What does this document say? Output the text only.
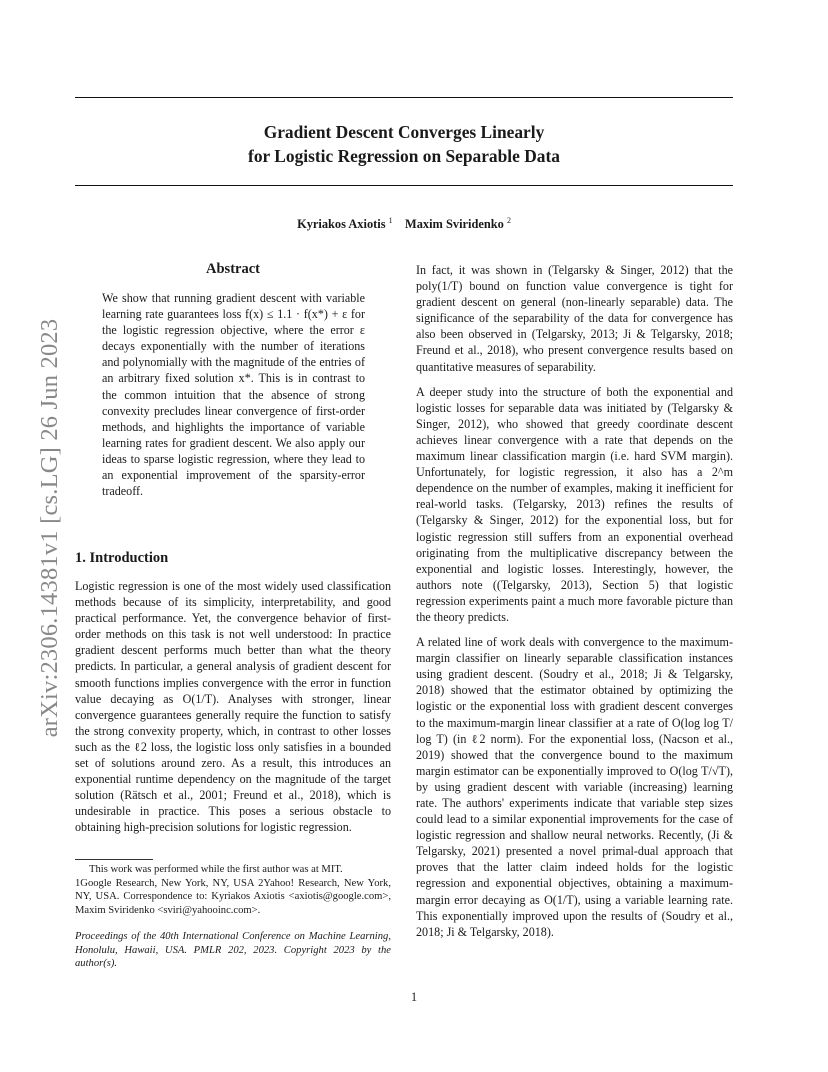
Gradient Descent Converges Linearly
for Logistic Regression on Separable Data
Kyriakos Axiotis $^1$ Maxim Sviridenko $^2$
arXiv:2306.14381v1 [cs.LG] 26 Jun 2023
Abstract
We show that running gradient descent with variable learning rate guarantees loss f(x) ≤ 1.1 · f(x*) + ε for the logistic regression objective, where the error ε decays exponentially with the number of iterations and polynomially with the magnitude of the entries of an arbitrary fixed solution x*. This is in contrast to the common intuition that the absence of strong convexity precludes linear convergence of first-order methods, and highlights the importance of variable learning rates for gradient descent. We also apply our ideas to sparse logistic regression, where they lead to an exponential improvement of the sparsity-error tradeoff.
1. Introduction

Logistic regression is one of the most widely used classification methods because of its simplicity, interpretability, and good practical performance. Yet, the convergence behavior of first-order methods on this task is not well understood: In practice gradient descent performs much better than what the theory predicts. In particular, a general analysis of gradient descent for smooth functions implies convergence with the error in function value decaying as O(1/T). Analyses with stronger, linear convergence guarantees generally require the function to satisfy the strong convexity property, which, in contrast to other losses such as the ℓ2 loss, the logistic loss only satisfies in a bounded set of solutions around zero. As a result, this introduces an exponential runtime dependency on the magnitude of the target solution (Rätsch et al., 2001; Freund et al., 2018), which is undesirable in practice. This poses a serious obstacle to obtaining high-precision solutions for logistic regression.

This work was performed while the first author was at MIT.

1Google Research, New York, NY, USA 2Yahoo! Research, New York, NY, USA. Correspondence to: Kyriakos Axiotis <axiotis@google.com>, Maxim Sviridenko <sviri@yahooinc.com>.

Proceedings of the 40th International Conference on Machine Learning, Honolulu, Hawaii, USA. PMLR 202, 2023. Copyright 2023 by the author(s).

In fact, it was shown in (Telgarsky & Singer, 2012) that the poly(1/T) bound on function value convergence is tight for gradient descent on general (non-linearly separable) data. The significance of the separability of the data for convergence has also been observed in (Telgarsky, 2013; Ji & Telgarsky, 2018; Freund et al., 2018), who present convergence results based on quantitative measures of separability.

A deeper study into the structure of both the exponential and logistic losses for separable data was initiated by (Telgarsky & Singer, 2012), who showed that greedy coordinate descent achieves linear convergence with a rate that depends on the maximum linear classification margin (i.e. hard SVM margin). Unfortunately, for logistic regression, it also has a 2^m dependence on the number of examples, making it inefficient for real-world tasks. (Telgarsky, 2013) refines the results of (Telgarsky & Singer, 2012) for the exponential loss, but for logistic regression still suffers from an exponential overhead originating from the multiplicative discrepancy between the exponential and logistic losses. Interestingly, however, the authors note ((Telgarsky, 2013), Section 5) that logistic regression experiments paint a much more favorable picture than the theory predicts.

A related line of work deals with convergence to the maximum-margin classifier on linearly separable classification instances using gradient descent. (Soudry et al., 2018; Ji & Telgarsky, 2018) showed that the estimator obtained by optimizing the logistic or the exponential loss with gradient descent converges to the maximum-margin linear classifier at a rate of O(log log T/ log T) (in ℓ2 norm). For the exponential loss, (Nacson et al., 2019) showed that the convergence bound to the maximum margin estimator can be exponentially improved to O(log T/√T), by using gradient descent with variable (increasing) learning rate. The authors' experiments indicate that variable step sizes could lead to a similar exponential improvements for the case of logistic regression and shallow neural networks. Recently, (Ji & Telgarsky, 2021) presented a novel primal-dual approach that proves that the latter claim indeed holds for the logistic regression and exponential objectives, obtaining a maximum-margin error decaying as O(1/T), using a variable learning rate. This exponentially improved upon the results of (Soudry et al., 2018; Ji & Telgarsky, 2018).

1
